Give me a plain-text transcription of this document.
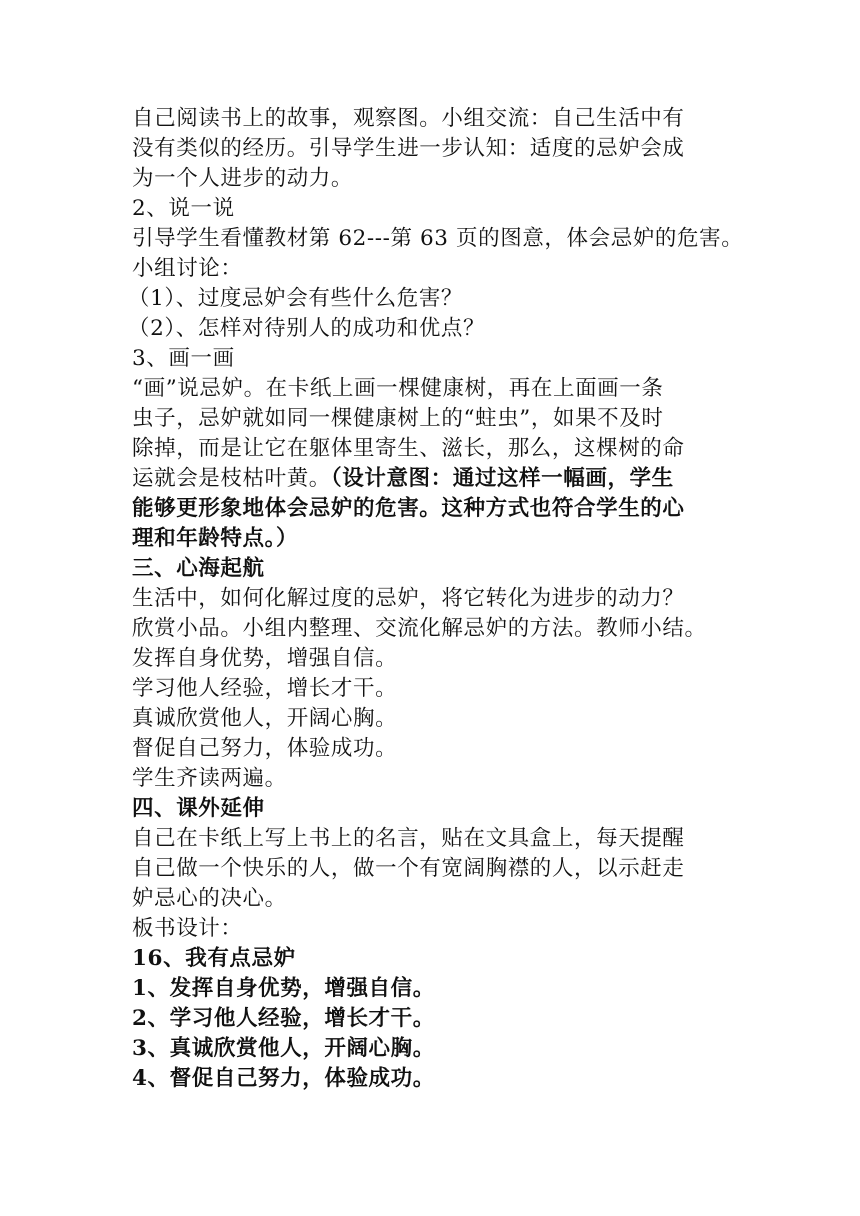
自己阅读书上的故事，观察图。小组交流：自己生活中有
没有类似的经历。引导学生进一步认知：适度的忌妒会成
为一个人进步的动力。
2、说一说
引导学生看懂教材第 62---第 63 页的图意，体会忌妒的危害。
小组讨论：
（1）、过度忌妒会有些什么危害？
（2）、怎样对待别人的成功和优点？
3、画一画
“画”说忌妒。在卡纸上画一棵健康树，再在上面画一条
虫子，忌妒就如同一棵健康树上的“蛀虫”，如果不及时
除掉，而是让它在躯体里寄生、滋长，那么，这棵树的命
运就会是枝枯叶黄。（设计意图：通过这样一幅画，学生
能够更形象地体会忌妒的危害。这种方式也符合学生的心
理和年龄特点。）
三、心海起航
生活中，如何化解过度的忌妒，将它转化为进步的动力？
欣赏小品。小组内整理、交流化解忌妒的方法。教师小结。
发挥自身优势，增强自信。
学习他人经验，增长才干。
真诚欣赏他人，开阔心胸。
督促自己努力，体验成功。
学生齐读两遍。
四、课外延伸
自己在卡纸上写上书上的名言，贴在文具盒上，每天提醒
自己做一个快乐的人，做一个有宽阔胸襟的人，以示赶走
妒忌心的决心。
板书设计：
16、我有点忌妒
1、发挥自身优势，增强自信。
2、学习他人经验，增长才干。
3、真诚欣赏他人，开阔心胸。
4、督促自己努力，体验成功。
